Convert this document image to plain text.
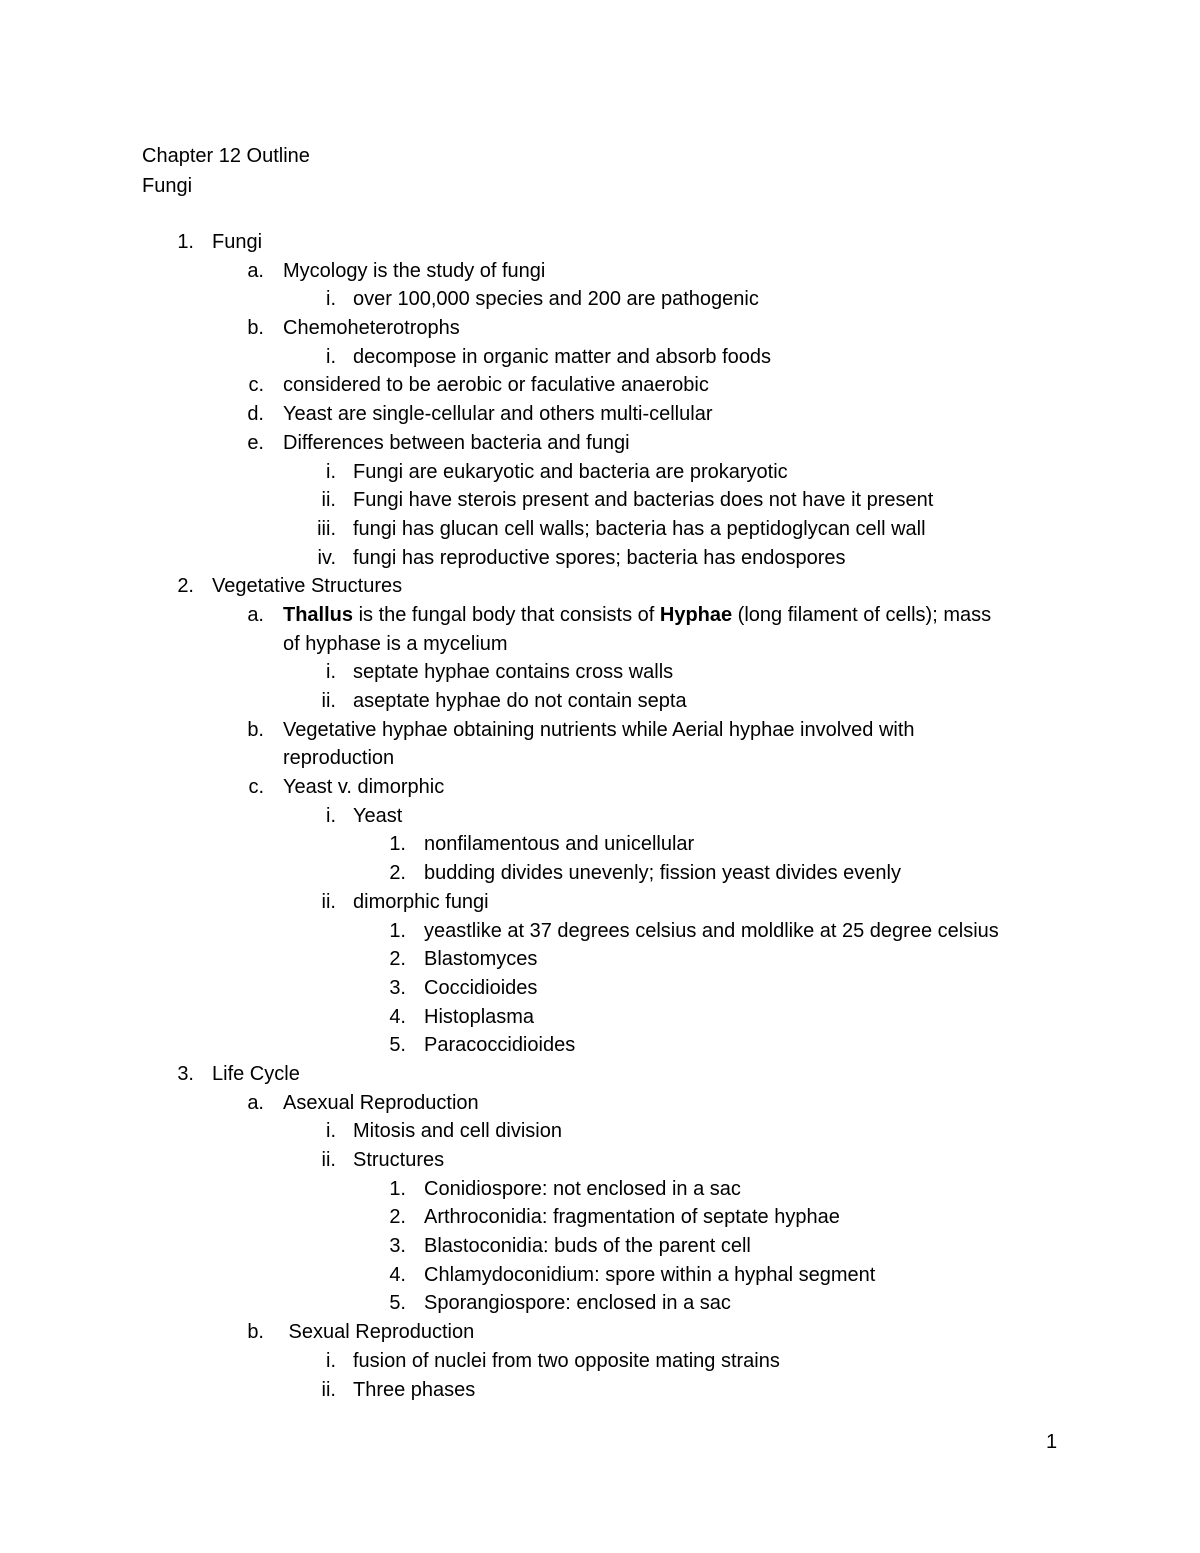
Chapter 12 Outline
Fungi
1. Fungi
a. Mycology is the study of fungi
i. over 100,000 species and 200 are pathogenic
b. Chemoheterotrophs
i. decompose in organic matter and absorb foods
c. considered to be aerobic or faculative anaerobic
d. Yeast are single-cellular and others multi-cellular
e. Differences between bacteria and fungi
i. Fungi are eukaryotic and bacteria are prokaryotic
ii. Fungi have sterois present and bacterias does not have it present
iii. fungi has glucan cell walls; bacteria has a peptidoglycan cell wall
iv. fungi has reproductive spores; bacteria has endospores
2. Vegetative Structures
a. Thallus is the fungal body that consists of Hyphae (long filament of cells); mass
of hyphase is a mycelium
i. septate hyphae contains cross walls
ii. aseptate hyphae do not contain septa
b. Vegetative hyphae obtaining nutrients while Aerial hyphae involved with
reproduction
c. Yeast v. dimorphic
i. Yeast
1. nonfilamentous and unicellular
2. budding divides unevenly; fission yeast divides evenly
ii. dimorphic fungi
1. yeastlike at 37 degrees celsius and moldlike at 25 degree celsius
2. Blastomyces
3. Coccidioides
4. Histoplasma
5. Paracoccidioides
3. Life Cycle
a. Asexual Reproduction
i. Mitosis and cell division
ii. Structures
1. Conidiospore: not enclosed in a sac
2. Arthroconidia: fragmentation of septate hyphae
3. Blastoconidia: buds of the parent cell
4. Chlamydoconidium: spore within a hyphal segment
5. Sporangiospore: enclosed in a sac
b. Sexual Reproduction
i. fusion of nuclei from two opposite mating strains
ii. Three phases
1
